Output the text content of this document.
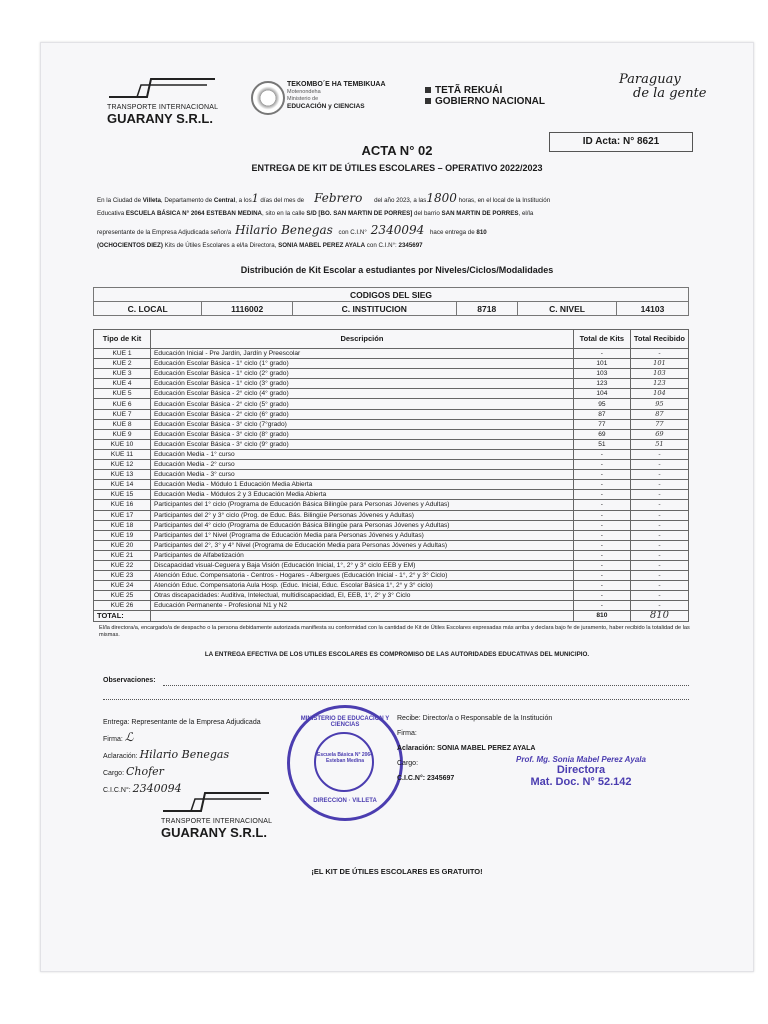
TRANSPORTE INTERNACIONAL
GUARANY S.R.L.
TEKOMBO´E HA TEMBIKUAA
Motenondeha
Ministerio de
EDUCACIÓN y CIENCIAS
TETÃ REKUÁI
GOBIERNO NACIONAL
Paraguay
de la gente
ID Acta: N° 8621
ACTA N° 02
ENTREGA DE KIT DE ÚTILES ESCOLARES – OPERATIVO 2022/2023
En la Ciudad de Villeta, Departamento de Central, a los1 días del mes de Febrero del año 2023, a las1800 horas, en el local de la Institución
Educativa ESCUELA BÁSICA N° 2064 ESTEBAN MEDINA, sito en la calle S/D [BO. SAN MARTIN DE PORRES] del barrio SAN MARTIN DE PORRES, el/la
representante de la Empresa Adjudicada señor/a Hilario Benegas con C.I.N° 2340094 hace entrega de 810
(OCHOCIENTOS DIEZ) Kits de Útiles Escolares a el/la Directora, SONIA MABEL PEREZ AYALA con C.I.N°: 2345697
Distribución de Kit Escolar a estudiantes por Niveles/Ciclos/Modalidades
CODIGOS DEL SIEG
C. LOCAL	1116002	C. INSTITUCION	8718	C. NIVEL	14103
Tipo de Kit	Descripción	Total de Kits	Total Recibido
KUE 1	Educación Inicial - Pre Jardín, Jardín y Preescolar	-	-
KUE 2	Educación Escolar Básica - 1° ciclo (1° grado)	101	101
KUE 3	Educación Escolar Básica - 1° ciclo (2° grado)	103	103
KUE 4	Educación Escolar Básica - 1° ciclo (3° grado)	123	123
KUE 5	Educación Escolar Básica - 2° ciclo (4° grado)	104	104
KUE 6	Educación Escolar Básica - 2° ciclo (5° grado)	95	95
KUE 7	Educación Escolar Básica - 2° ciclo (6° grado)	87	87
KUE 8	Educación Escolar Básica - 3° ciclo (7°grado)	77	77
KUE 9	Educación Escolar Básica - 3° ciclo (8° grado)	69	69
KUE 10	Educación Escolar Básica - 3° ciclo (9° grado)	51	51
KUE 11	Educación Media - 1° curso	-	-
KUE 12	Educación Media - 2° curso	-	-
KUE 13	Educación Media - 3° curso	-	-
KUE 14	Educación Media - Módulo 1 Educación Media Abierta	-	-
KUE 15	Educación Media - Módulos 2 y 3 Educación Media Abierta	-	-
KUE 16	Participantes del 1° ciclo (Programa de Educación Básica Bilingüe para Personas Jóvenes y Adultas)	-	-
KUE 17	Participantes del 2° y 3° ciclo (Prog. de Educ. Bás. Bilingüe Personas Jóvenes y Adultas)	-	-
KUE 18	Participantes del 4° ciclo (Programa de Educación Básica Bilingüe para Personas Jóvenes y Adultas)	-	-
KUE 19	Participantes del 1° Nivel (Programa de Educación Media para Personas Jóvenes y Adultas)	-	-
KUE 20	Participantes del 2°, 3° y 4° Nivel (Programa de Educación Media para Personas Jóvenes y Adultas)	-	-
KUE 21	Participantes de Alfabetización	-	-
KUE 22	Discapacidad visual-Ceguera y Baja Visión (Educación Inicial, 1°, 2° y 3° ciclo EEB y EM)	-	-
KUE 23	Atención Educ. Compensatoria - Centros - Hogares - Albergues (Educación Inicial - 1°, 2° y 3° Ciclo)	-	-
KUE 24	Atención Educ. Compensatoria Aula Hosp. (Educ. Inicial, Educ. Escolar Básica 1°, 2° y 3° ciclo)	-	-
KUE 25	Otras discapacidades: Auditiva, Intelectual, multidiscapacidad, EI, EEB, 1°, 2° y 3° Ciclo	-	-
KUE 26	Educación Permanente - Profesional N1 y N2	-	-
TOTAL:		810	810
El/la directora/a, encargado/a de despacho o la persona debidamente autorizada manifiesta su conformidad con la cantidad de Kit de Útiles Escolares expresadas más arriba y declara bajo fe de juramento, haber recibido la totalidad de las mismas.
LA ENTREGA EFECTIVA DE LOS UTILES ESCOLARES ES COMPROMISO DE LAS AUTORIDADES EDUCATIVAS DEL MUNICIPIO.
Observaciones:
Entrega: Representante de la Empresa Adjudicada
Firma: ℒ
Aclaración: Hilario Benegas
Cargo: Chofer
C.I.C.N°: 2340094
TRANSPORTE INTERNACIONAL
GUARANY S.R.L.
MINISTERIO DE EDUCACION Y CIENCIAS
Escuela Básica N° 2064 Esteban Medina
DIRECCION · VILLETA
Recibe: Director/a o Responsable de la Institución
Firma:
Aclaración: SONIA MABEL PEREZ AYALA
Cargo:
C.I.C.N°: 2345697
Prof. Mg. Sonia Mabel Perez Ayala
Directora
Mat. Doc. N° 52.142
¡EL KIT DE ÚTILES ESCOLARES ES GRATUITO!
